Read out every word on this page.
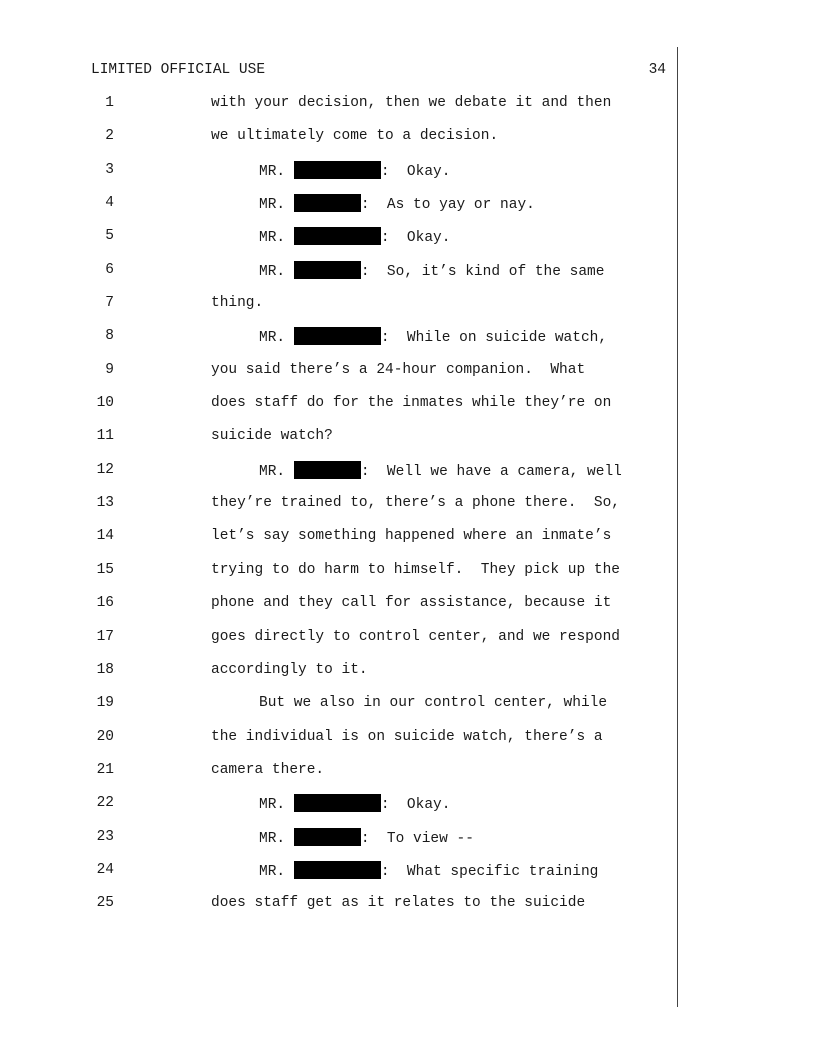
LIMITED OFFICIAL USE	34
1	with your decision, then we debate it and then
2	we ultimately come to a decision.
3	MR.	:  Okay.
4	MR.	:  As to yay or nay.
5	MR.	:  Okay.
6	MR.	:  So, it’s kind of the same
7	thing.
8	MR.	:  While on suicide watch,
9	you said there’s a 24-hour companion.  What
10	does staff do for the inmates while they’re on
11	suicide watch?
12	MR.	:  Well we have a camera, well
13	they’re trained to, there’s a phone there.  So,
14	let’s say something happened where an inmate’s
15	trying to do harm to himself.  They pick up the
16	phone and they call for assistance, because it
17	goes directly to control center, and we respond
18	accordingly to it.
19	But we also in our control center, while
20	the individual is on suicide watch, there’s a
21	camera there.
22	MR.	:  Okay.
23	MR.	:  To view --
24	MR.	:  What specific training
25	does staff get as it relates to the suicide
